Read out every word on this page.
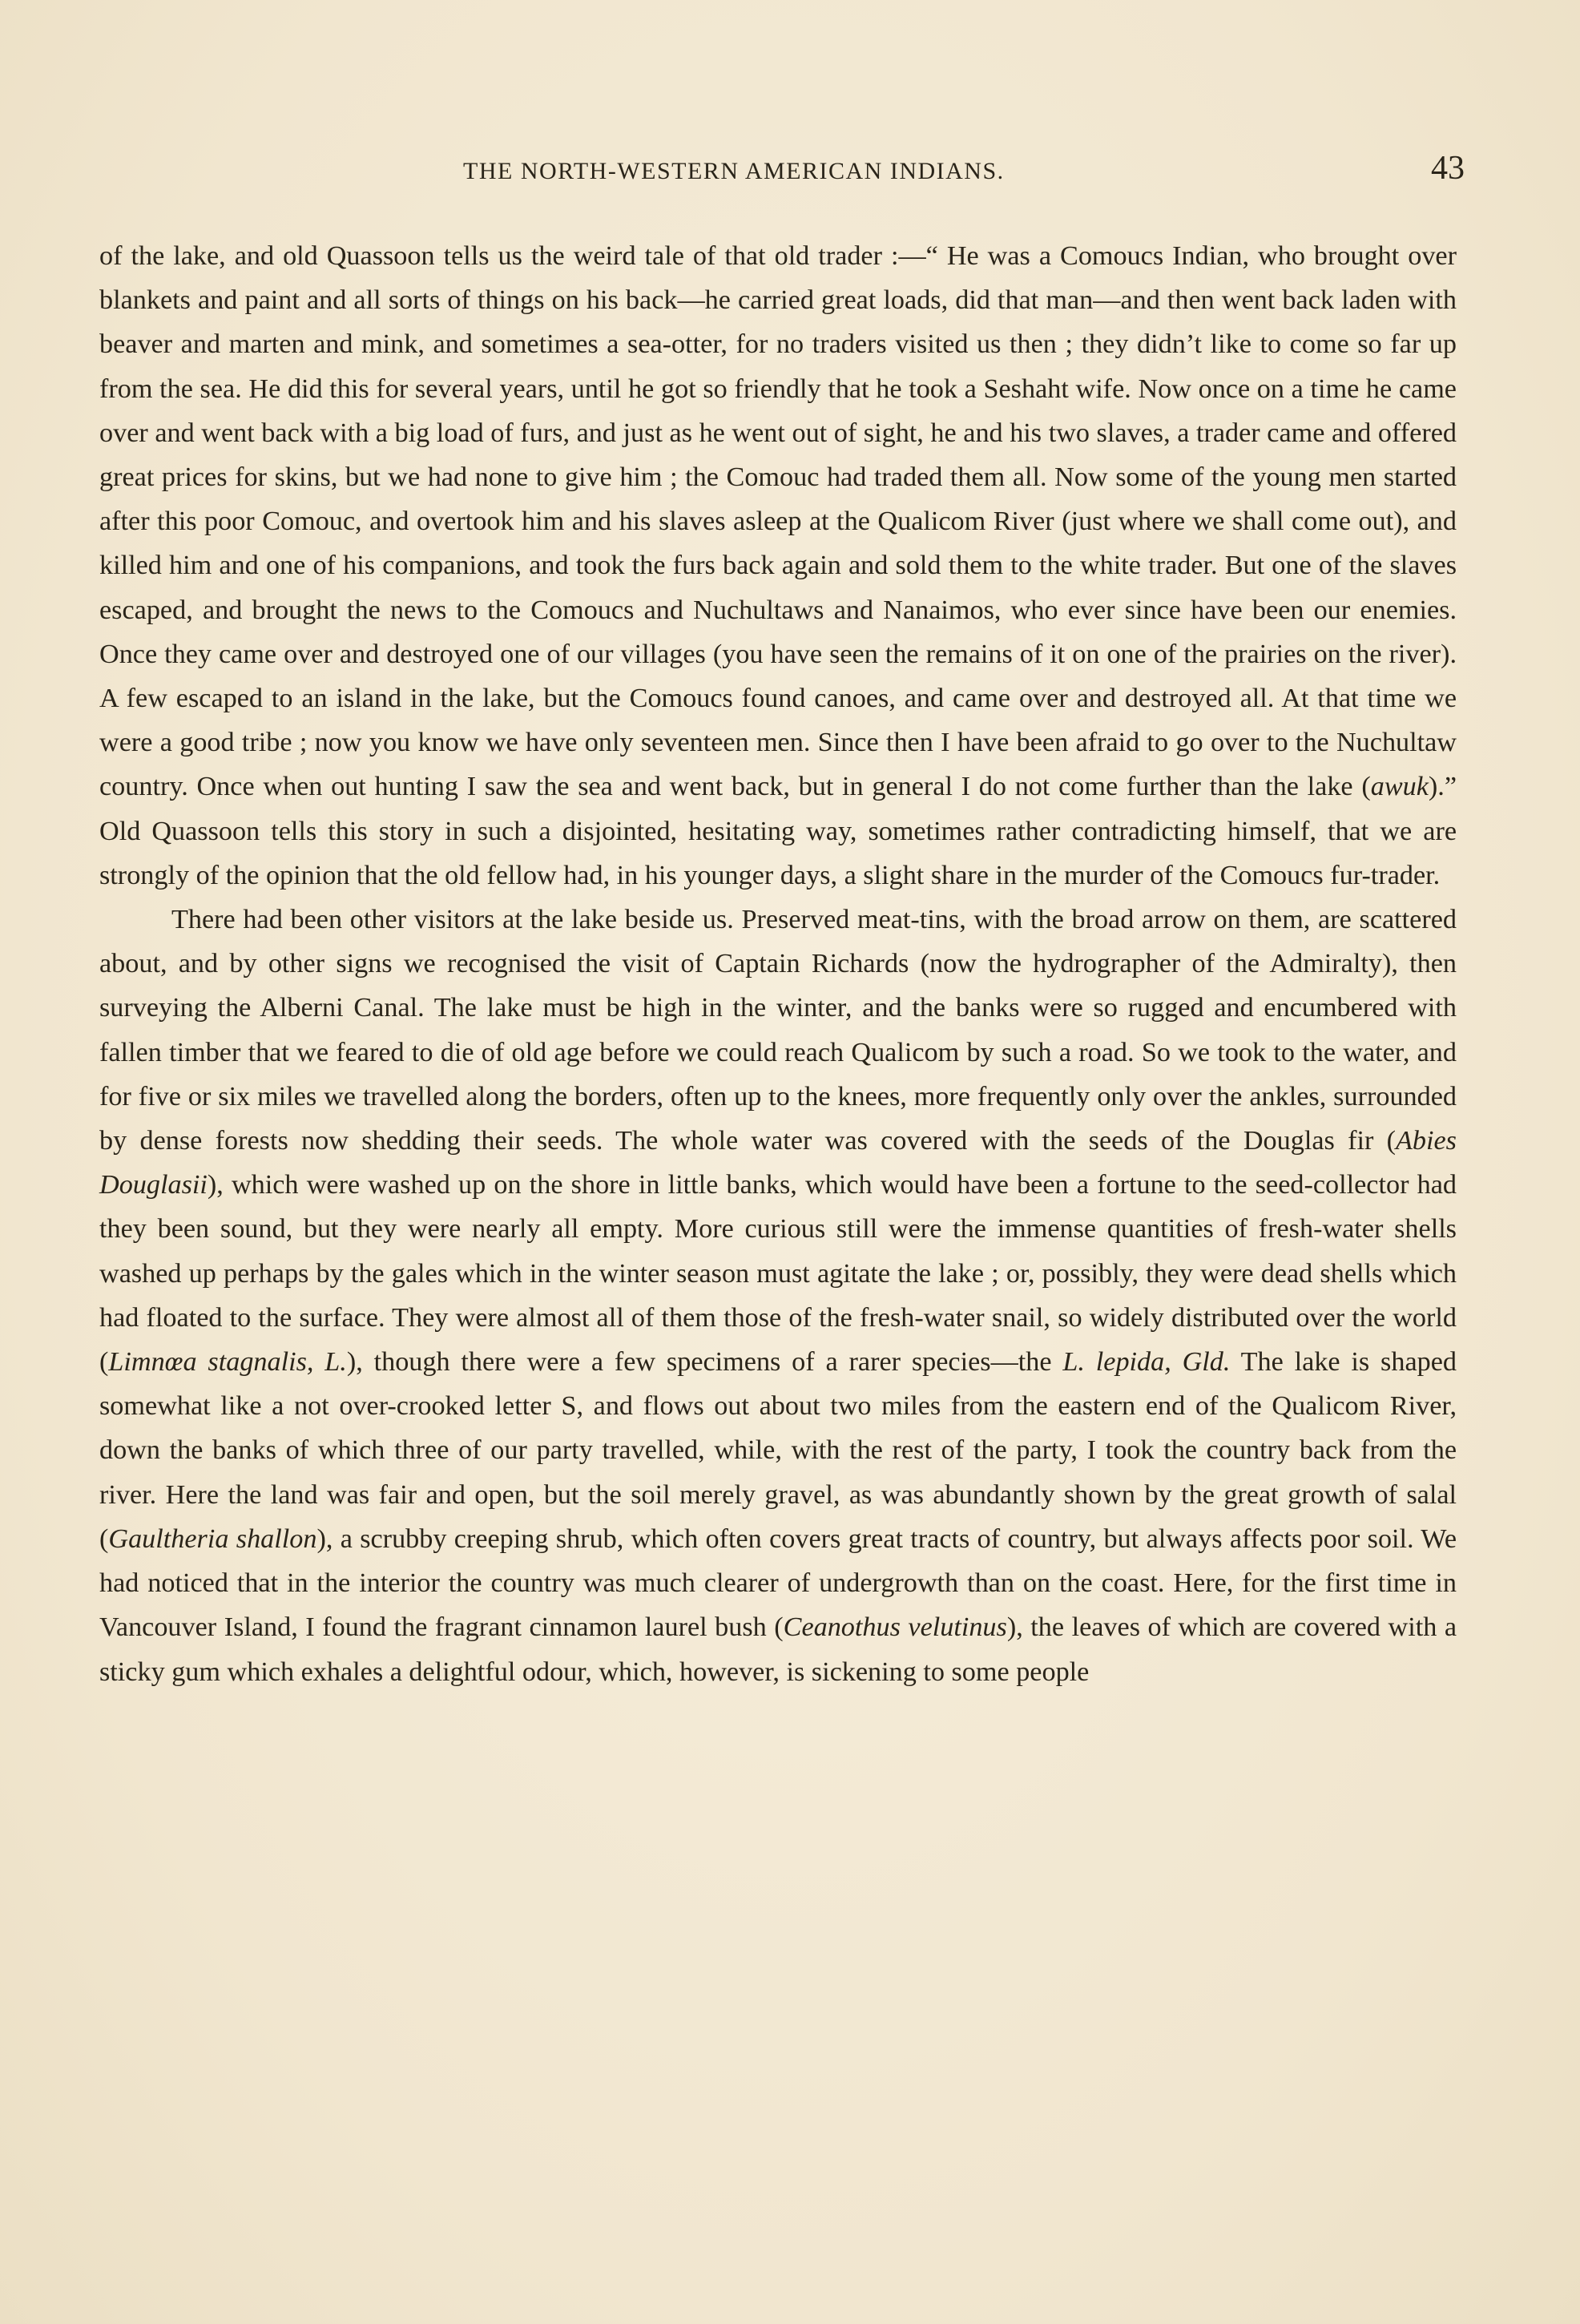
THE NORTH-WESTERN AMERICAN INDIANS.	43

of the lake, and old Quassoon tells us the weird tale of that old trader :—“ He was a Comoucs Indian, who brought over blankets and paint and all sorts of things on his back—he carried great loads, did that man—and then went back laden with beaver and marten and mink, and sometimes a sea-otter, for no traders visited us then ; they didn’t like to come so far up from the sea. He did this for several years, until he got so friendly that he took a Seshaht wife. Now once on a time he came over and went back with a big load of furs, and just as he went out of sight, he and his two slaves, a trader came and offered great prices for skins, but we had none to give him ; the Comouc had traded them all. Now some of the young men started after this poor Comouc, and overtook him and his slaves asleep at the Qualicom River (just where we shall come out), and killed him and one of his companions, and took the furs back again and sold them to the white trader. But one of the slaves escaped, and brought the news to the Comoucs and Nuchultaws and Nanaimos, who ever since have been our enemies. Once they came over and destroyed one of our villages (you have seen the remains of it on one of the prairies on the river). A few escaped to an island in the lake, but the Comoucs found canoes, and came over and destroyed all. At that time we were a good tribe ; now you know we have only seventeen men. Since then I have been afraid to go over to the Nuchultaw country. Once when out hunting I saw the sea and went back, but in general I do not come further than the lake (awuk).” Old Quassoon tells this story in such a disjointed, hesitating way, sometimes rather contradicting himself, that we are strongly of the opinion that the old fellow had, in his younger days, a slight share in the murder of the Comoucs fur-trader.

There had been other visitors at the lake beside us. Preserved meat-tins, with the broad arrow on them, are scattered about, and by other signs we recognised the visit of Captain Richards (now the hydrographer of the Admiralty), then surveying the Alberni Canal. The lake must be high in the winter, and the banks were so rugged and encumbered with fallen timber that we feared to die of old age before we could reach Qualicom by such a road. So we took to the water, and for five or six miles we travelled along the borders, often up to the knees, more frequently only over the ankles, surrounded by dense forests now shedding their seeds. The whole water was covered with the seeds of the Douglas fir (Abies Douglasii), which were washed up on the shore in little banks, which would have been a fortune to the seed-collector had they been sound, but they were nearly all empty. More curious still were the immense quantities of fresh-water shells washed up perhaps by the gales which in the winter season must agitate the lake ; or, possibly, they were dead shells which had floated to the surface. They were almost all of them those of the fresh-water snail, so widely distributed over the world (Limnœa stagnalis, L.), though there were a few specimens of a rarer species—the L. lepida, Gld. The lake is shaped somewhat like a not over-crooked letter S, and flows out about two miles from the eastern end of the Qualicom River, down the banks of which three of our party travelled, while, with the rest of the party, I took the country back from the river. Here the land was fair and open, but the soil merely gravel, as was abundantly shown by the great growth of salal (Gaultheria shallon), a scrubby creeping shrub, which often covers great tracts of country, but always affects poor soil. We had noticed that in the interior the country was much clearer of undergrowth than on the coast. Here, for the first time in Vancouver Island, I found the fragrant cinnamon laurel bush (Ceanothus velutinus), the leaves of which are covered with a sticky gum which exhales a delightful odour, which, however, is sickening to some people
